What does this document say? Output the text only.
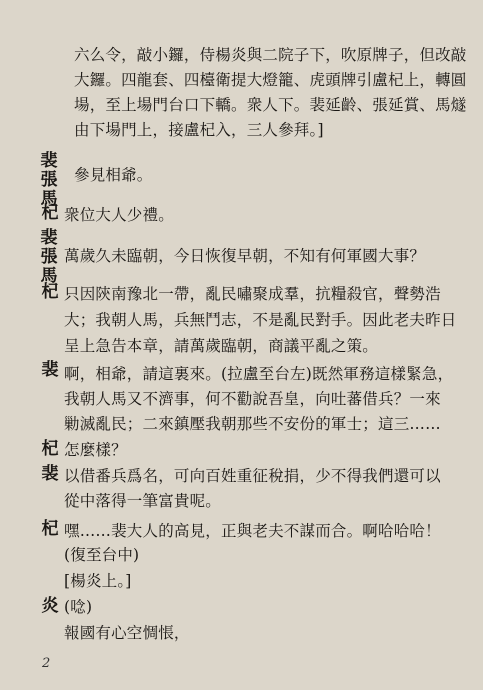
六么令，敲小鑼，侍楊炎與二院子下，吹原牌子，但改敲
大鑼。四龍套、四檯衛提大燈籠、虎頭牌引盧杞上，轉圓
場，至上場門台口下轎。衆人下。裴延齡、張延賞、馬燧
由下場門上，接盧杞入，三人參拜。]
裴張馬
參見相爺。
杞 衆位大人少禮。
裴張馬
萬歲久未臨朝，今日恢復早朝，不知有何軍國大事？
杞 只因陝南豫北一帶，亂民嘯聚成羣，抗糧殺官，聲勢浩
大；我朝人馬，兵無鬥志，不是亂民對手。因此老夫昨日
呈上急告本章，請萬歲臨朝，商議平亂之策。
裴 啊，相爺，請這裏來。(拉盧至台左)既然軍務這樣緊急，
我朝人馬又不濟事，何不勸說吾皇，向吐蕃借兵？一來
勦滅亂民；二來鎮壓我朝那些不安份的軍士；這三……
杞 怎麼樣？
裴 以借番兵爲名，可向百姓重征稅捐，少不得我們還可以
從中落得一筆富貴呢。
杞 嘿……裴大人的高見，正與老夫不謀而合。啊哈哈哈！
(復至台中)
[楊炎上。]
炎 (唸)
報國有心空惆悵，
2
